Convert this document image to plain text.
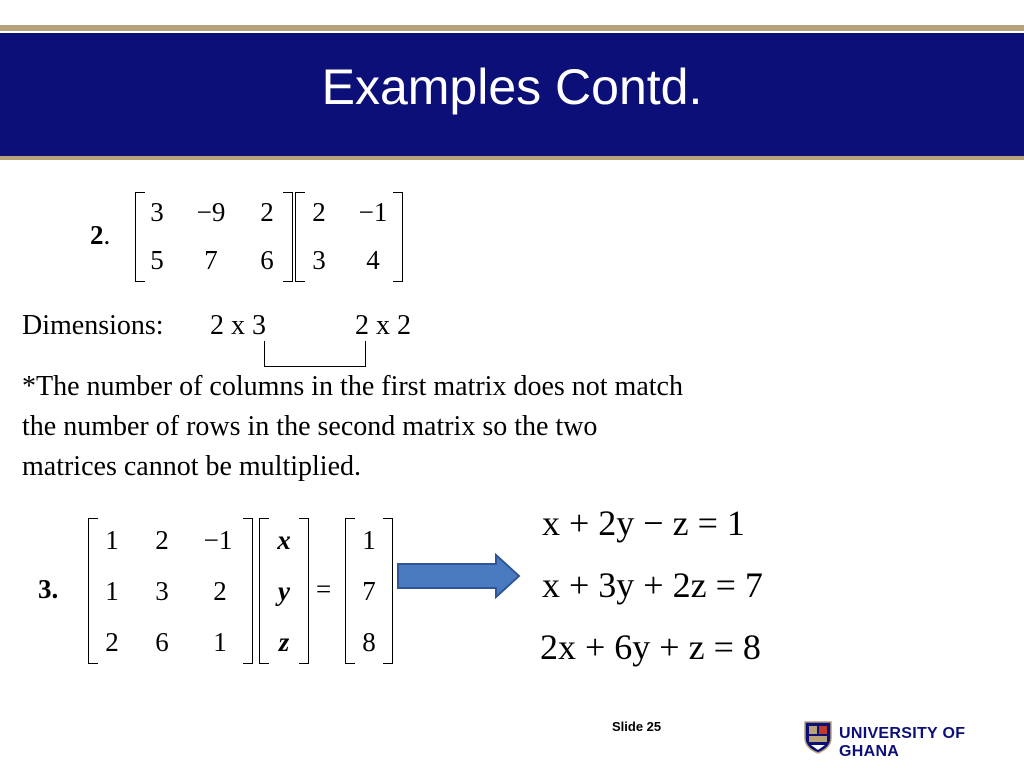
Examples Contd.
2.
3	−9	2
5	7	6
2	−1
3	4
Dimensions: 2 x 3	2 x 2
*The number of columns in the first matrix does not match
the number of rows in the second matrix so the two
matrices cannot be multiplied.
3.
1	2	−1
1	3	2
2	6	1
x
y
z
=
1
7
8
x + 2y − z = 1
x + 3y + 2z = 7
2x + 6y + z = 8
Slide 25	UNIVERSITY OF GHANA
